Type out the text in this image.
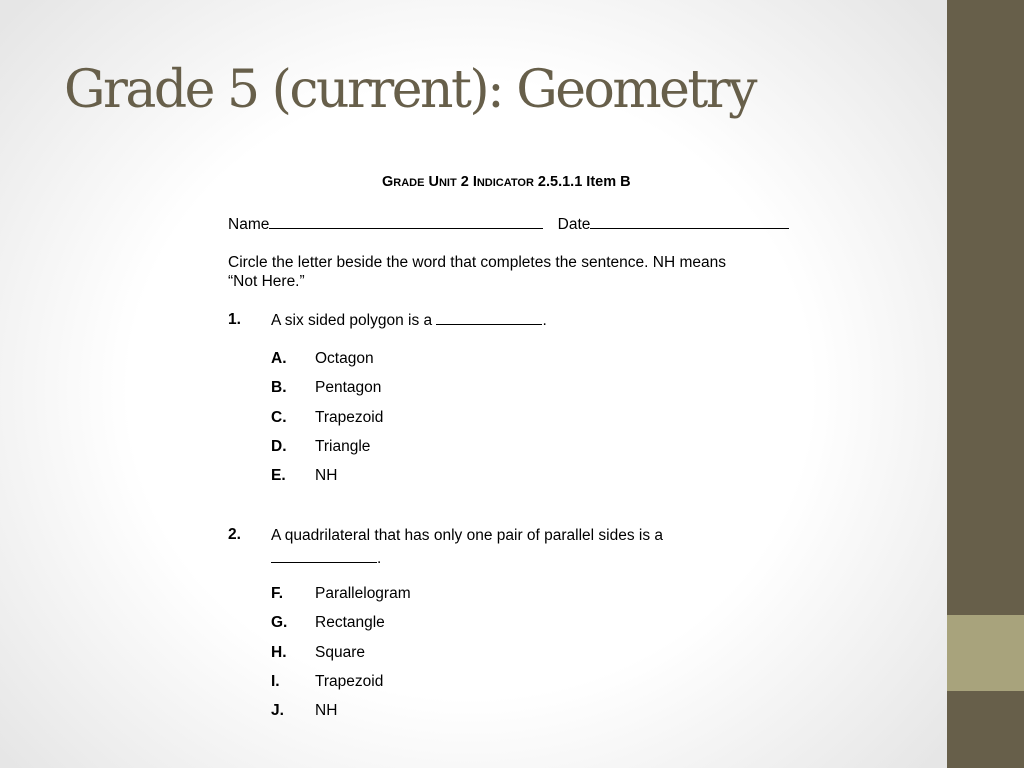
Grade 5 (current): Geometry
GRADE UNIT 2 INDICATOR 2.5.1.1 Item B
Name	Date
Circle the letter beside the word that completes the sentence. NH means
“Not Here.”
1. A six sided polygon is a	.
A. Octagon
B. Pentagon
C. Trapezoid
D. Triangle
E. NH
2. A quadrilateral that has only one pair of parallel sides is a
.
F. Parallelogram
G. Rectangle
H. Square
I. Trapezoid
J. NH
